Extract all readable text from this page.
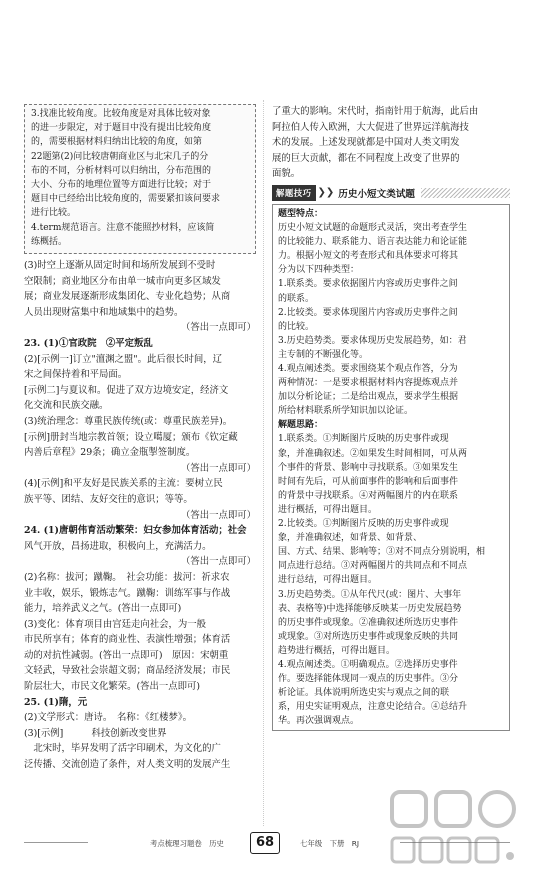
3.找准比较角度。比较角度是对具体比较对象
的进一步限定，对于题目中没有提出比较角度
的，需要根据材料归纳出比较的角度，如第
22题第(2)问比较唐朝商业区与北宋几子的分
布的不同，分析材料可以归纳出，分布范围的
大小、分布的地理位置等方面进行比较；对于
题目中已经给出比较角度的，需要紧扣该问要求
进行比较。
4.term规范语言。注意不能照抄材料，应该简
练概括。
(3)时空上逐渐从固定时间和场所发展到不受时
空限制；商业地区分布由单一城市向更多区域发
展；商业发展逐渐形成集团化、专业化趋势；从商
人员出现财富集中和地域集中的趋势。
（答出一点即可）
23. (1)①官政院　②平定叛乱
(2)[示例一]订立"澶渊之盟"。此后很长时间，辽
宋之间保持着和平局面。
[示例二]与夏议和。促进了双方边境安定，经济文
化交流和民族交融。
(3)统治理念：尊重民族传统(或：尊重民族差异)。
[示例]册封当地宗教首领；设立噶厦；颁布《钦定藏
内善后章程》29条；确立金瓶掣签制度。
（答出一点即可）
(4)[示例]和平友好是民族关系的主流：要树立民
族平等、团结、友好交往的意识；等等。
（答出一点即可）
24. (1)唐朝伟育活动繁荣：妇女参加体育活动；社会
风气开放，昌扬进取，积极向上，充满活力。
（答出一点即可）
(2)名称：拔河；蹴鞠。　社会功能：拔河：祈求农
业丰收，娱乐，锻炼志气。蹴鞠：训练军事与作战
能力，培养武义之气。(答出一点即可)
(3)变化：体育项目由宫廷走向社会，为一般
市民所享有；体育的商业性、表演性增强；体育活
动的对抗性减弱。(答出一点即可)　原因：宋朝重
文轻武，导致社会崇超文弱；商品经济发展；市民
阶层壮大，市民文化繁荣。(答出一点即可)
25. (1)隋，元
(2)文学形式：唐诗。　名称：《红楼梦》。
(3)[示例]　　　科技创新改变世界
　北宋时，毕昇发明了活字印刷术，为文化的广
泛传播、交流创造了条件，对人类文明的发展产生
了重大的影响。宋代时，指南针用于航海，此后由
阿拉伯人传入欧洲，大大促进了世界远洋航海技
术的发展。上述发现就都是中国对人类文明发
展的巨大贡献，都在不同程度上改变了世界的
面貌。
解题技巧 ❯❯ 历史小短文类试题
题型特点：
历史小短文试题的命题形式灵活，突出考查学生
的比较能力、联系能力、语言表达能力和论证能
力。根据小短文的考查形式和具体要求可将其
分为以下四种类型：
1.联系类。要求依据图片内容或历史事件之间
的联系。
2.比较类。要求体现图片内容或历史事件之间
的比较。
3.历史趋势类。要求体现历史发展趋势，如：君
主专制的不断强化等。
4.观点阐述类。要求围绕某个观点作答，分为
两种情况：一是要求根据材料内容提炼观点并
加以分析论证；二是给出观点，要求学生根据
所给材料联系所学知识加以论证。
解题思路：
1.联系类。①判断图片反映的历史事件或现
象，并准确叙述。②如果发生时间相同，可从两
个事件的背景、影响中寻找联系。③如果发生
时间有先后，可从前面事件的影响和后面事件
的背景中寻找联系。④对两幅图片的内在联系
进行概括，可得出题目。
2.比较类。①判断图片反映的历史事件或现
象，并准确叙述，如背景、如背景、
国、方式、结果、影响等；③对不同点分别说明，相
同点进行总结。③对两幅图片的共同点和不同点
进行总结，可得出题目。
3.历史趋势类。①从年代尺(或：图片、大事年
表、表格等)中选择能够反映某一历史发展趋势
的历史事件或现象。②准确叙述所选历史事件
或现象。③对所选历史事件或现象反映的共同
趋势进行概括，可得出题目。
4.观点阐述类。①明确观点。②选择历史事件
作。要选择能体现同一观点的历史事件。③分
析论证。具体说明所选史实与观点之间的联
系，用史实证明观点，注意史论结合。④总结升
华。再次强调观点。
考点梳理习题卷　历史	68	七年级　下册　RJ
